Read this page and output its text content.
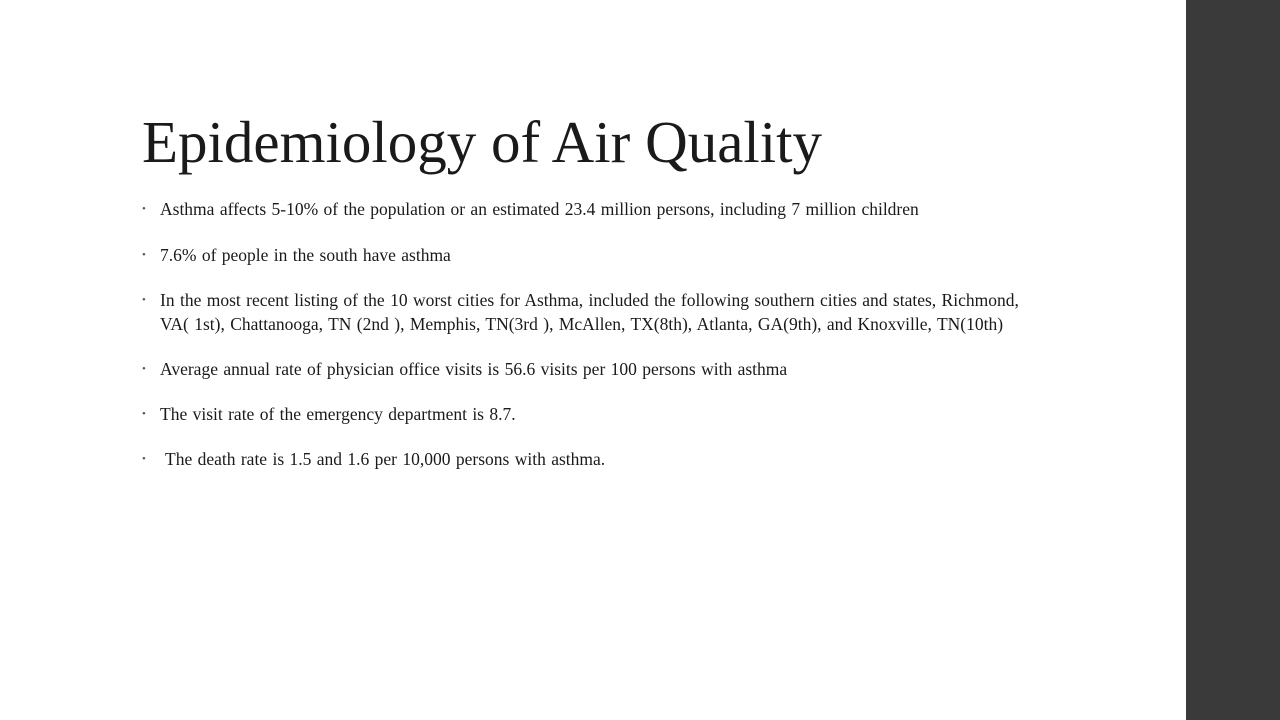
Epidemiology of Air Quality
• Asthma affects 5-10% of the population or an estimated 23.4 million persons, including 7 million children
• 7.6% of people in the south have asthma
• In the most recent listing of the 10 worst cities for Asthma, included the following southern cities and states, Richmond, VA( 1st), Chattanooga, TN (2nd ), Memphis, TN(3rd ), McAllen, TX(8th), Atlanta, GA(9th), and Knoxville, TN(10th)
• Average annual rate of physician office visits is 56.6 visits per 100 persons with asthma
• The visit rate of the emergency department is 8.7.
• The death rate is 1.5 and 1.6 per 10,000 persons with asthma.
